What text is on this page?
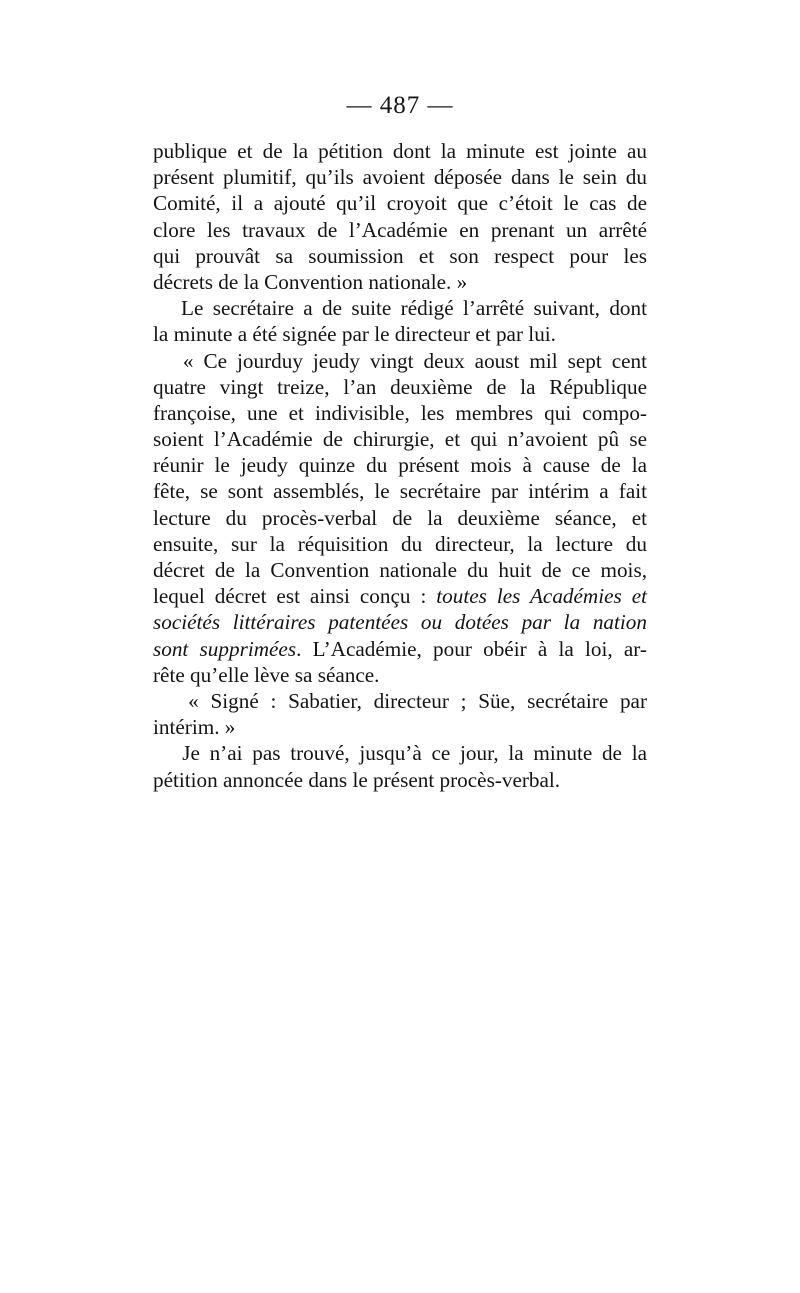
— 487 —
publique et de la pétition dont la minute est jointe au
présent plumitif, qu’ils avoient déposée dans le sein du
Comité, il a ajouté qu’il croyoit que c’étoit le cas de
clore les travaux de l’Académie en prenant un arrêté
qui prouvât sa soumission et son respect pour les
décrets de la Convention nationale. »
Le secrétaire a de suite rédigé l’arrêté suivant, dont
la minute a été signée par le directeur et par lui.
« Ce jourduy jeudy vingt deux aoust mil sept cent
quatre vingt treize, l’an deuxième de la République
françoise, une et indivisible, les membres qui compo-
soient l’Académie de chirurgie, et qui n’avoient pû se
réunir le jeudy quinze du présent mois à cause de la
fête, se sont assemblés, le secrétaire par intérim a fait
lecture du procès-verbal de la deuxième séance, et
ensuite, sur la réquisition du directeur, la lecture du
décret de la Convention nationale du huit de ce mois,
lequel décret est ainsi conçu : toutes les Académies et
sociétés littéraires patentées ou dotées par la nation
sont supprimées. L’Académie, pour obéir à la loi, ar-
rête qu’elle lève sa séance.
« Signé : Sabatier, directeur ; Süe, secrétaire par
intérim. »
Je n’ai pas trouvé, jusqu’à ce jour, la minute de la
pétition annoncée dans le présent procès-verbal.
